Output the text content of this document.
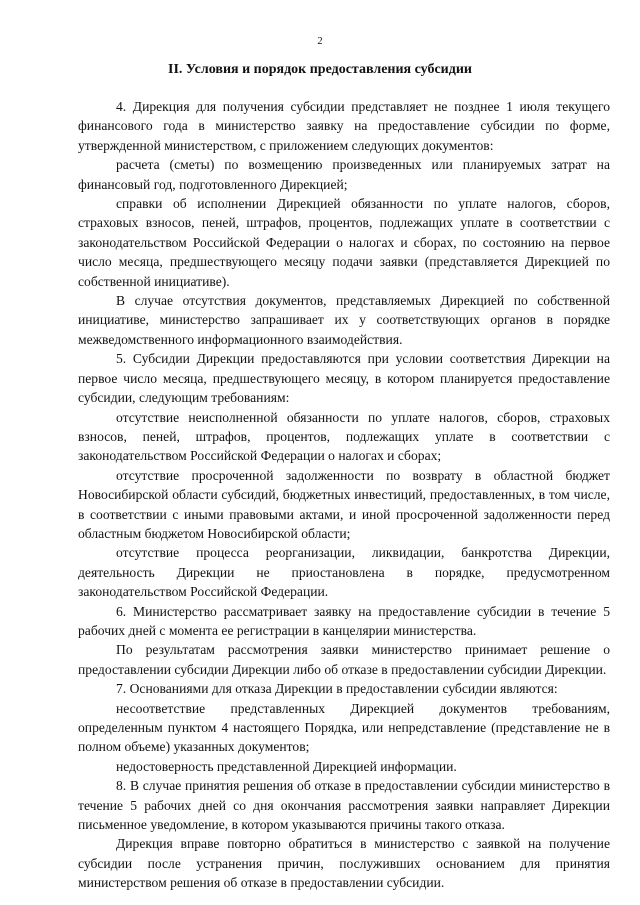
2
II. Условия и порядок предоставления субсидии

4. Дирекция для получения субсидии представляет не позднее 1 июля текущего финансового года в министерство заявку на предоставление субсидии по форме, утвержденной министерством, с приложением следующих документов:

расчета (сметы) по возмещению произведенных или планируемых затрат на финансовый год, подготовленного Дирекцией;

справки об исполнении Дирекцией обязанности по уплате налогов, сборов, страховых взносов, пеней, штрафов, процентов, подлежащих уплате в соответствии с законодательством Российской Федерации о налогах и сборах, по состоянию на первое число месяца, предшествующего месяцу подачи заявки (представляется Дирекцией по собственной инициативе).

В случае отсутствия документов, представляемых Дирекцией по собственной инициативе, министерство запрашивает их у соответствующих органов в порядке межведомственного информационного взаимодействия.

5. Субсидии Дирекции предоставляются при условии соответствия Дирекции на первое число месяца, предшествующего месяцу, в котором планируется предоставление субсидии, следующим требованиям:

отсутствие неисполненной обязанности по уплате налогов, сборов, страховых взносов, пеней, штрафов, процентов, подлежащих уплате в соответствии с законодательством Российской Федерации о налогах и сборах;

отсутствие просроченной задолженности по возврату в областной бюджет Новосибирской области субсидий, бюджетных инвестиций, предоставленных, в том числе, в соответствии с иными правовыми актами, и иной просроченной задолженности перед областным бюджетом Новосибирской области;

отсутствие процесса реорганизации, ликвидации, банкротства Дирекции, деятельность Дирекции не приостановлена в порядке, предусмотренном законодательством Российской Федерации.

6. Министерство рассматривает заявку на предоставление субсидии в течение 5 рабочих дней с момента ее регистрации в канцелярии министерства.

По результатам рассмотрения заявки министерство принимает решение о предоставлении субсидии Дирекции либо об отказе в предоставлении субсидии Дирекции.

7. Основаниями для отказа Дирекции в предоставлении субсидии являются:

несоответствие представленных Дирекцией документов требованиям, определенным пунктом 4 настоящего Порядка, или непредставление (представление не в полном объеме) указанных документов;

недостоверность представленной Дирекцией информации.

8. В случае принятия решения об отказе в предоставлении субсидии министерство в течение 5 рабочих дней со дня окончания рассмотрения заявки направляет Дирекции письменное уведомление, в котором указываются причины такого отказа.

Дирекция вправе повторно обратиться в министерство с заявкой на получение субсидии после устранения причин, послуживших основанием для принятия министерством решения об отказе в предоставлении субсидии.
